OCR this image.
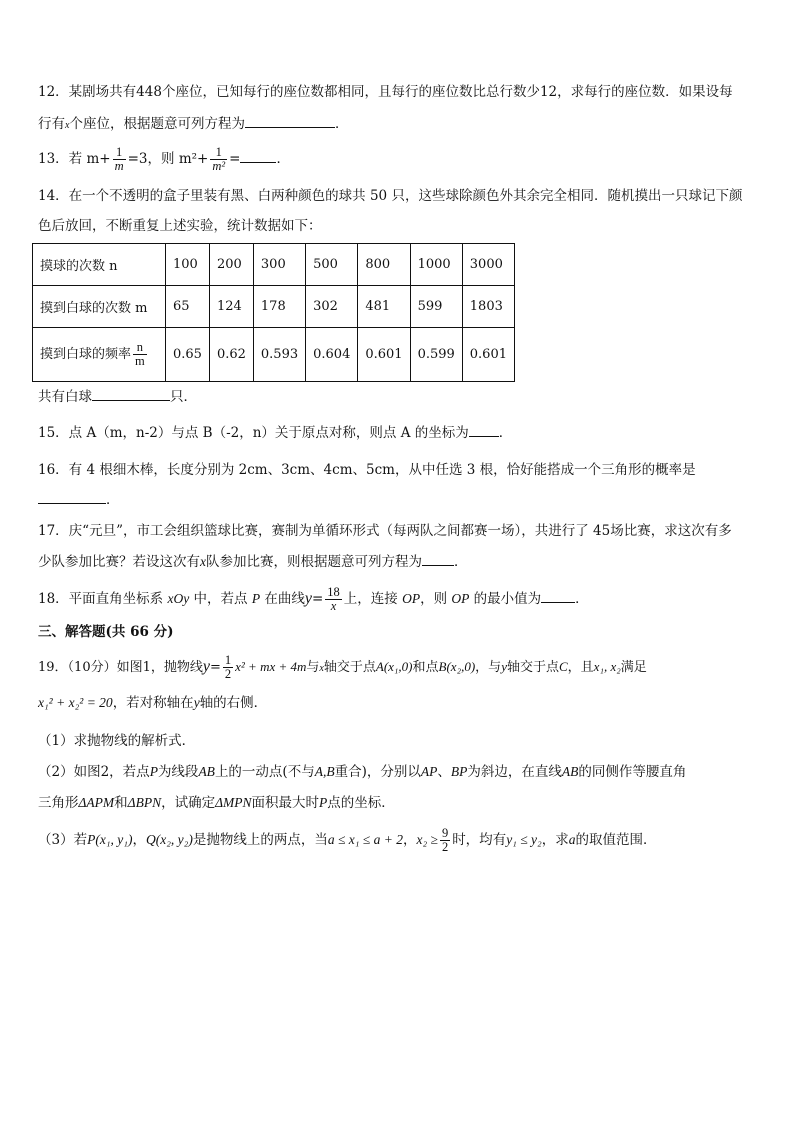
12．某剧场共有448个座位，已知每行的座位数都相同，且每行的座位数比总行数少12，求每行的座位数．如果设每
行有x个座位，根据题意可列方程为	．
13．若 $m+ \frac{1}{m} =3$，则 $m^2+ \frac{1}{\text{m²}}$ =	．
14．在一个不透明的盒子里装有黑、白两种颜色的球共 50 只，这些球除颜色外其余完全相同．随机摸出一只球记下颜
色后放回，不断重复上述实验，统计数据如下：
摸球的次数 n	100	200	300	500	800	1000	3000
摸到白球的次数 m	65	124	178	302	481	599	1803
摸到白球的频率 $\frac{n}{m}$	0.65	0.62	0.593	0.604	0.601	0.599	0.601
共有白球	只．
15．点 A（m，n-2）与点 B（-2，n）关于原点对称，则点 A 的坐标为 ．
16．有 4 根细木棒，长度分别为 2cm、3cm、4cm、5cm，从中任选 3 根，恰好能搭成一个三角形的概率是
．
17．庆“元旦”，市工会组织篮球比赛，赛制为单循环形式（每两队之间都赛一场），共进行了 45场比赛，求这次有多
少队参加比赛？若设这次有x队参加比赛，则根据题意可列方程为 ．
18．平面直角坐标系 xOy 中，若点 P 在曲线$y= \frac{18}{x}$ 上，连接 OP，则 OP 的最小值为	．
三、解答题(共 66 分)
19．（10分）如图1，抛物线$y= \frac{1}{2} x^2$ + mx + 4m与x轴交于点A(x₁,0)和点B(x₂,0)，与y轴交于点C，且x₁, x₂满足
x₁² + x₂² = 20，若对称轴在y轴的右侧．
（1）求抛物线的解析式．
（2）如图2，若点P为线段AB上的一动点(不与A,B重合)，分别以AP、BP为斜边，在直线AB的同侧作等腰直角
三角形ΔAPM和ΔBPN，试确定ΔMPN面积最大时P点的坐标．
（3）若P(x₁, y₁)，Q(x₂, y₂)是抛物线上的两点，当a ≤ x₁ ≤ a + 2，$x_2 \ge \frac{9}{2}$ 时，均有y₁ ≤ y₂，求a的取值范围．
